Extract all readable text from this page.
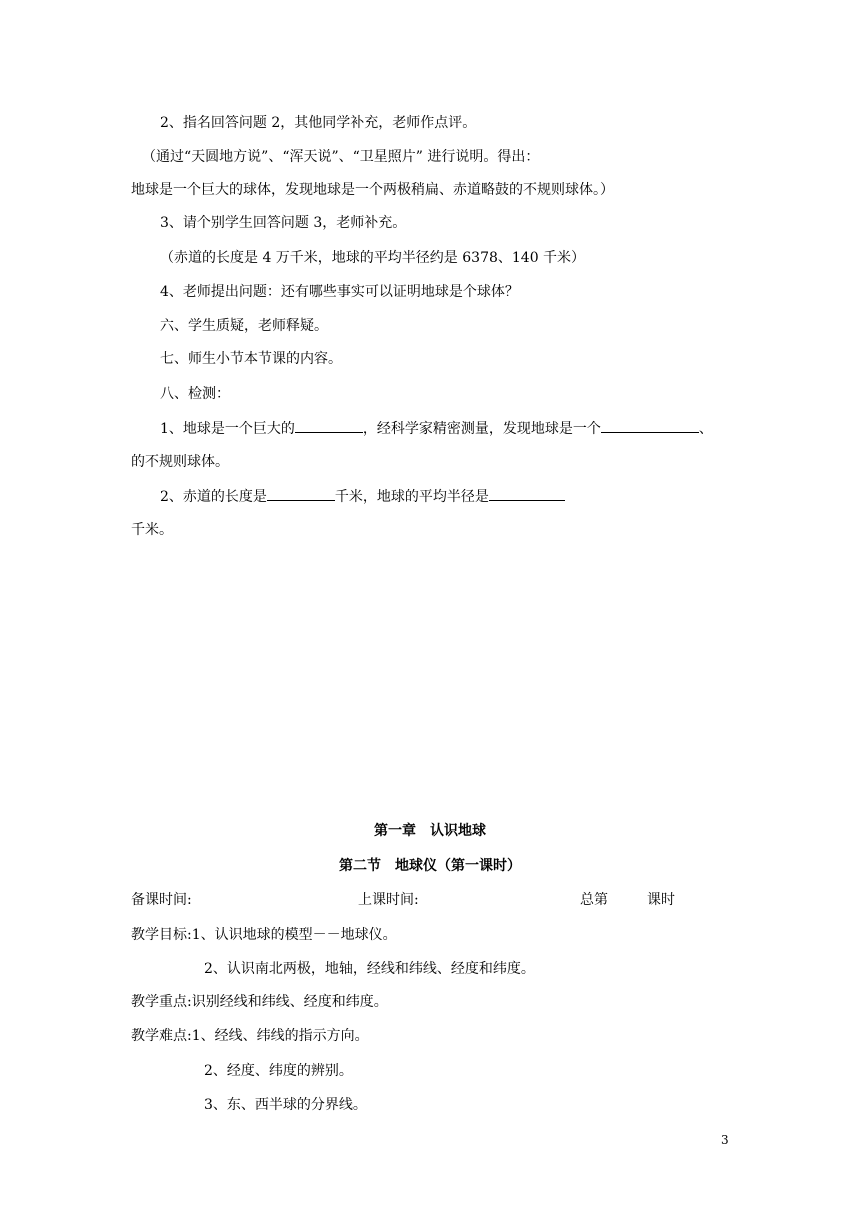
2、指名回答问题 2，其他同学补充，老师作点评。
（通过“天圆地方说”、“浑天说”、“卫星照片” 进行说明。得出：
地球是一个巨大的球体，发现地球是一个两极稍扁、赤道略鼓的不规则球体。）
3、请个别学生回答问题 3，老师补充。
（赤道的长度是 4 万千米，地球的平均半径约是 6378、140 千米）
4、老师提出问题：还有哪些事实可以证明地球是个球体？
六、学生质疑，老师释疑。
七、师生小节本节课的内容。
八、检测：
1、地球是一个巨大的	，经科学家精密测量，发现地球是一个	、
的不规则球体。
2、赤道的长度是	千米，地球的平均半径是
千米。
第一章　认识地球
第二节　地球仪（第一课时）
备课时间:	上课时间:	总第	课时
教学目标:1、认识地球的模型－－地球仪。
2、认识南北两极，地轴，经线和纬线、经度和纬度。
教学重点:识别经线和纬线、经度和纬度。
教学难点:1、经线、纬线的指示方向。
2、经度、纬度的辨别。
3、东、西半球的分界线。
3
